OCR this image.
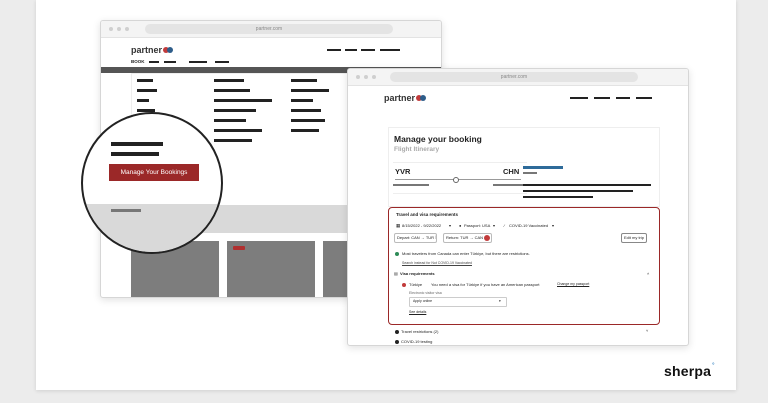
partner.com
partner
BOOK
Manage Your Bookings
partner.com
partner
Manage your booking
Flight Itinerary
YVR	CHN
Travel and visa requirements
▦ 8/15/2022 - 9/22/2022 ▾ ● Passport: USA ▾ ⁄ COVID-19 Vaccinated ▾
Depart: CAN → TUR |	Return: TUR → CAN	Edit my trip
Most travelers from Canada can enter Türkiye, but there are restrictions.
Search instead for Not COVID-19 Vaccinated
▤ Visa requirements	˄
Türkiye You need a visa for Türkiye if you have an American passport	Change my passport
Electronic visitor visa
Apply online	▾
See details
Travel restrictions (2)	˅
COVID-19 testing
sherpa°
